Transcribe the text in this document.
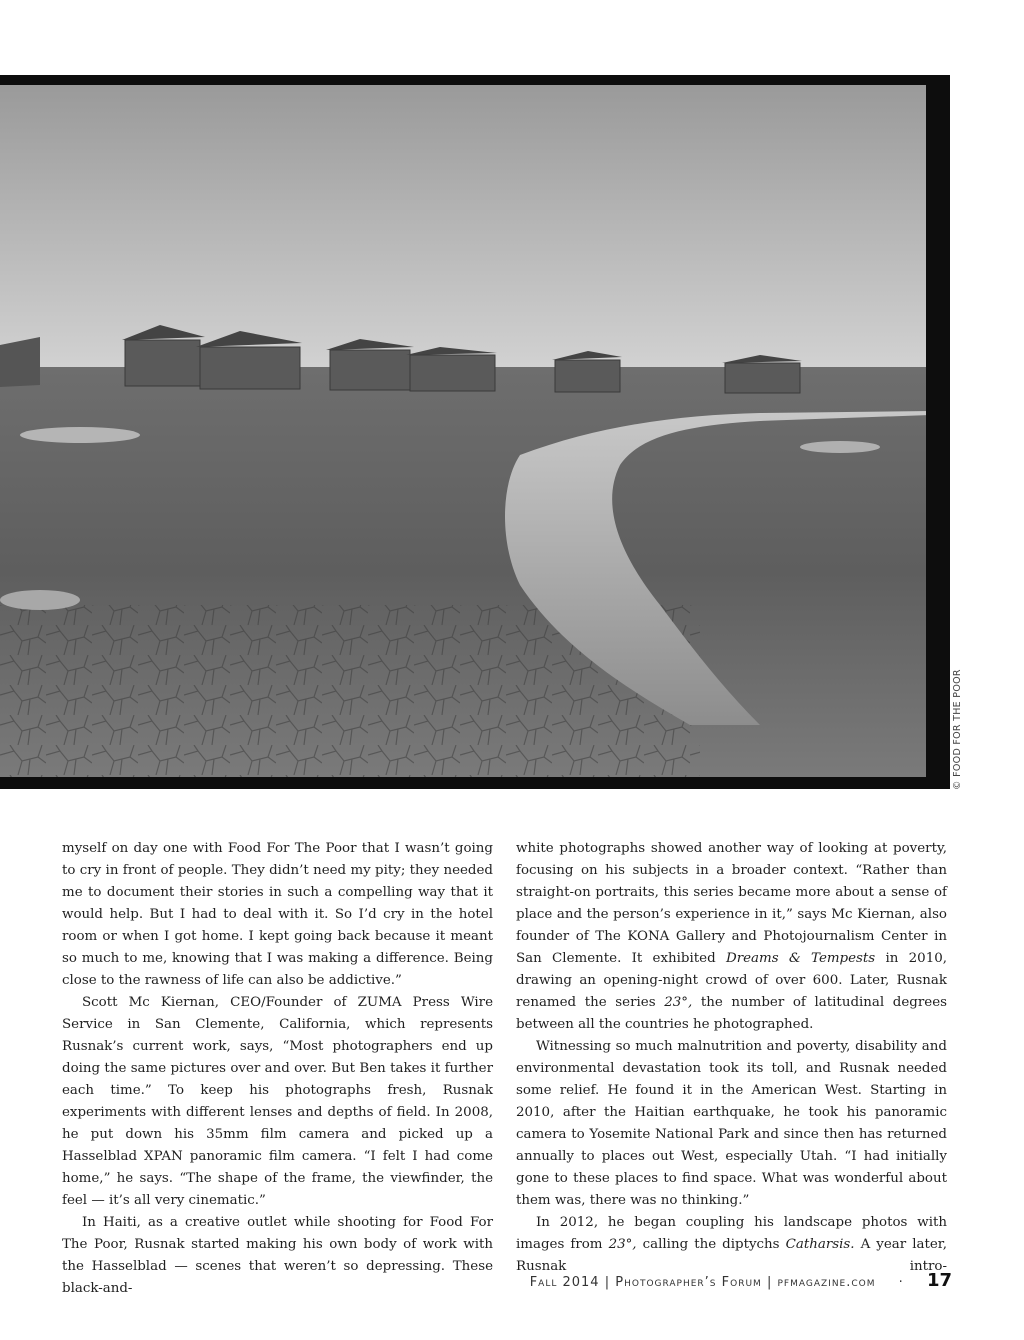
© FOOD FOR THE POOR

myself on day one with Food For The Poor that I wasn’t going to cry in front of people. They didn’t need my pity; they needed me to document their stories in such a compelling way that it would help. But I had to deal with it. So I’d cry in the hotel room or when I got home. I kept going back because it meant so much to me, knowing that I was making a difference. Being close to the rawness of life can also be addictive.”

Scott Mc Kiernan, CEO/Founder of ZUMA Press Wire Service in San Clemente, California, which represents Rusnak’s current work, says, “Most photographers end up doing the same pictures over and over. But Ben takes it further each time.” To keep his photographs fresh, Rusnak experiments with different lenses and depths of field. In 2008, he put down his 35mm film camera and picked up a Hasselblad XPAN panoramic film camera. “I felt I had come home,” he says. “The shape of the frame, the viewfinder, the feel — it’s all very cinematic.”

In Haiti, as a creative outlet while shooting for Food For The Poor, Rusnak started making his own body of work with the Hasselblad — scenes that weren’t so depressing. These black-and-

white photographs showed another way of looking at poverty, focusing on his subjects in a broader context. “Rather than straight-on portraits, this series became more about a sense of place and the person’s experience in it,” says Mc Kiernan, also founder of The KONA Gallery and Photojournalism Center in San Clemente. It exhibited Dreams & Tempests in 2010, drawing an opening-night crowd of over 600. Later, Rusnak renamed the series 23°, the number of latitudinal degrees between all the countries he photographed.

Witnessing so much malnutrition and poverty, disability and environmental devastation took its toll, and Rusnak needed some relief. He found it in the American West. Starting in 2010, after the Haitian earthquake, he took his panoramic camera to Yosemite National Park and since then has returned annually to places out West, especially Utah. “I had initially gone to these places to find space. What was wonderful about them was, there was no thinking.”

In 2012, he began coupling his landscape photos with images from 23°, calling the diptychs Catharsis. A year later, Rusnak intro-

Fall 2014 | Photographer’s Forum | pfmagazine.com · 17
